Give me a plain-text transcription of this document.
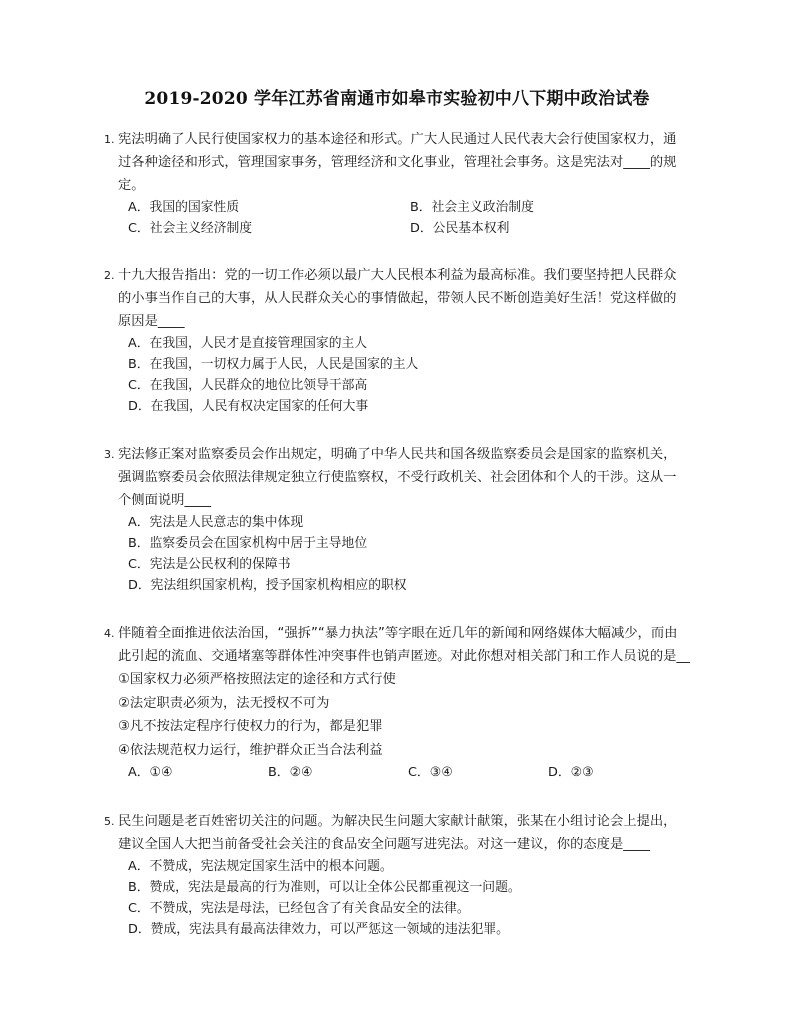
2019-2020 学年江苏省南通市如皋市实验初中八下期中政治试卷
1. 宪法明确了人民行使国家权力的基本途径和形式。广大人民通过人民代表大会行使国家权力，通
过各种途径和形式，管理国家事务，管理经济和文化事业，管理社会事务。这是宪法对____的规
定。
A．我国的国家性质	B．社会主义政治制度
C．社会主义经济制度	D．公民基本权利
2. 十九大报告指出：党的一切工作必须以最广大人民根本利益为最高标准。我们要坚持把人民群众
的小事当作自己的大事，从人民群众关心的事情做起，带领人民不断创造美好生活！党这样做的
原因是____
A．在我国，人民才是直接管理国家的主人
B．在我国，一切权力属于人民，人民是国家的主人
C．在我国，人民群众的地位比领导干部高
D．在我国，人民有权决定国家的任何大事
3. 宪法修正案对监察委员会作出规定，明确了中华人民共和国各级监察委员会是国家的监察机关，
强调监察委员会依照法律规定独立行使监察权，不受行政机关、社会团体和个人的干涉。这从一
个侧面说明____
A．宪法是人民意志的集中体现
B．监察委员会在国家机构中居于主导地位
C．宪法是公民权利的保障书
D．宪法组织国家机构，授予国家机构相应的职权
4. 伴随着全面推进依法治国，“强拆”“暴力执法”等字眼在近几年的新闻和网络媒体大幅减少，而由
此引起的流血、交通堵塞等群体性冲突事件也销声匿迹。对此你想对相关部门和工作人员说的是__
①国家权力必须严格按照法定的途径和方式行使
②法定职责必须为，法无授权不可为
③凡不按法定程序行使权力的行为，都是犯罪
④依法规范权力运行，维护群众正当合法利益
A．①④	B．②④	C．③④	D．②③
5. 民生问题是老百姓密切关注的问题。为解决民生问题大家献计献策，张某在小组讨论会上提出，
建议全国人大把当前备受社会关注的食品安全问题写进宪法。对这一建议，你的态度是____
A．不赞成，宪法规定国家生活中的根本问题。
B．赞成，宪法是最高的行为准则，可以让全体公民都重视这一问题。
C．不赞成，宪法是母法，已经包含了有关食品安全的法律。
D．赞成，宪法具有最高法律效力，可以严惩这一领域的违法犯罪。
